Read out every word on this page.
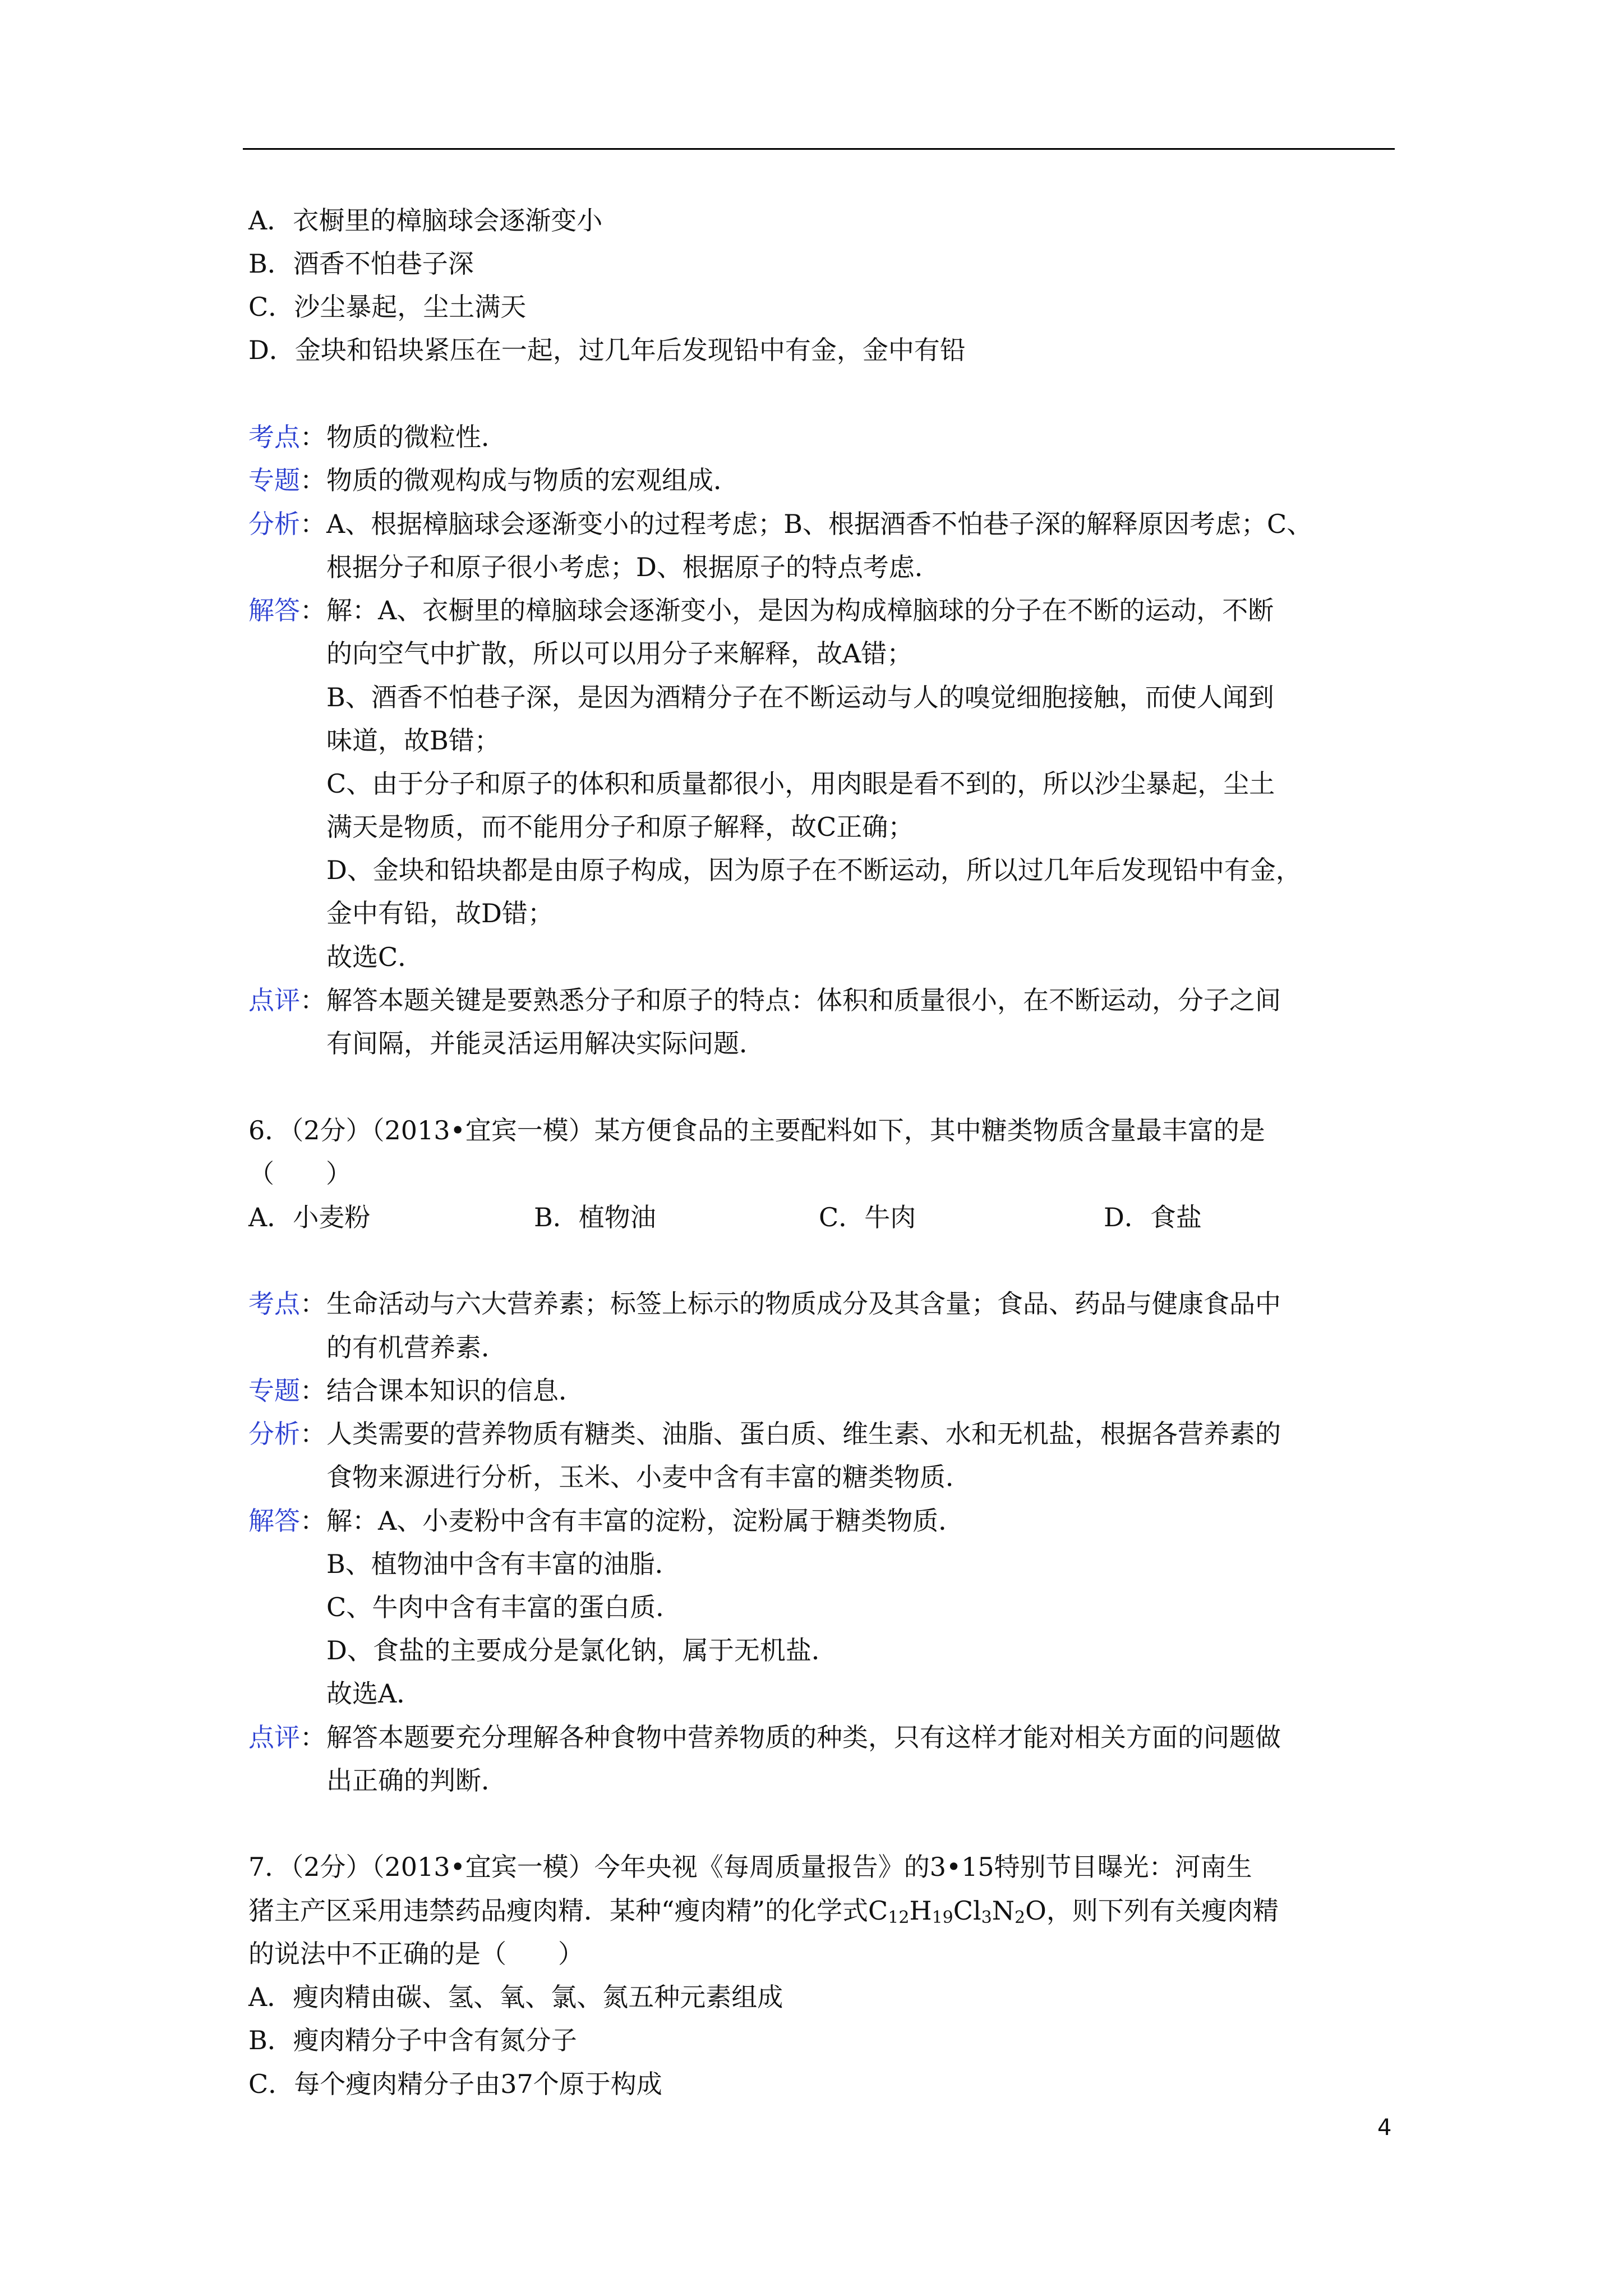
A．衣橱里的樟脑球会逐渐变小
B．酒香不怕巷子深
C．沙尘暴起，尘土满天
D．金块和铅块紧压在一起，过几年后发现铅中有金，金中有铅
考点： 物质的微粒性．
专题： 物质的微观构成与物质的宏观组成．
分析： A、根据樟脑球会逐渐变小的过程考虑；B、根据酒香不怕巷子深的解释原因考虑；C、
根据分子和原子很小考虑；D、根据原子的特点考虑．
解答： 解：A、衣橱里的樟脑球会逐渐变小，是因为构成樟脑球的分子在不断的运动，不断
的向空气中扩散，所以可以用分子来解释，故A错；
B、酒香不怕巷子深，是因为酒精分子在不断运动与人的嗅觉细胞接触，而使人闻到
味道，故B错；
C、由于分子和原子的体积和质量都很小，用肉眼是看不到的，所以沙尘暴起，尘土
满天是物质，而不能用分子和原子解释，故C正确；
D、金块和铅块都是由原子构成，因为原子在不断运动，所以过几年后发现铅中有金，
金中有铅，故D错；
故选C．
点评： 解答本题关键是要熟悉分子和原子的特点：体积和质量很小，在不断运动，分子之间
有间隔，并能灵活运用解决实际问题．
6．（2分）（2013•宜宾一模）某方便食品的主要配料如下，其中糖类物质含量最丰富的是
（　　）
A．小麦粉	B．植物油	C．牛肉	D．食盐
考点： 生命活动与六大营养素；标签上标示的物质成分及其含量；食品、药品与健康食品中
的有机营养素．
专题： 结合课本知识的信息．
分析： 人类需要的营养物质有糖类、油脂、蛋白质、维生素、水和无机盐，根据各营养素的
食物来源进行分析，玉米、小麦中含有丰富的糖类物质．
解答： 解：A、小麦粉中含有丰富的淀粉，淀粉属于糖类物质．
B、植物油中含有丰富的油脂．
C、牛肉中含有丰富的蛋白质．
D、食盐的主要成分是氯化钠，属于无机盐．
故选A．
点评： 解答本题要充分理解各种食物中营养物质的种类，只有这样才能对相关方面的问题做
出正确的判断．
7．（2分）（2013•宜宾一模）今年央视《每周质量报告》的3•15特别节目曝光：河南生
猪主产区采用违禁药品瘦肉精．某种“瘦肉精”的化学式$C_{12}H_{19}Cl_3N_2O$，则下列有关瘦肉精
的说法中不正确的是（　　）
A．瘦肉精由碳、氢、氧、氯、氮五种元素组成
B．瘦肉精分子中含有氮分子
C．每个瘦肉精分子由37个原于构成
4
